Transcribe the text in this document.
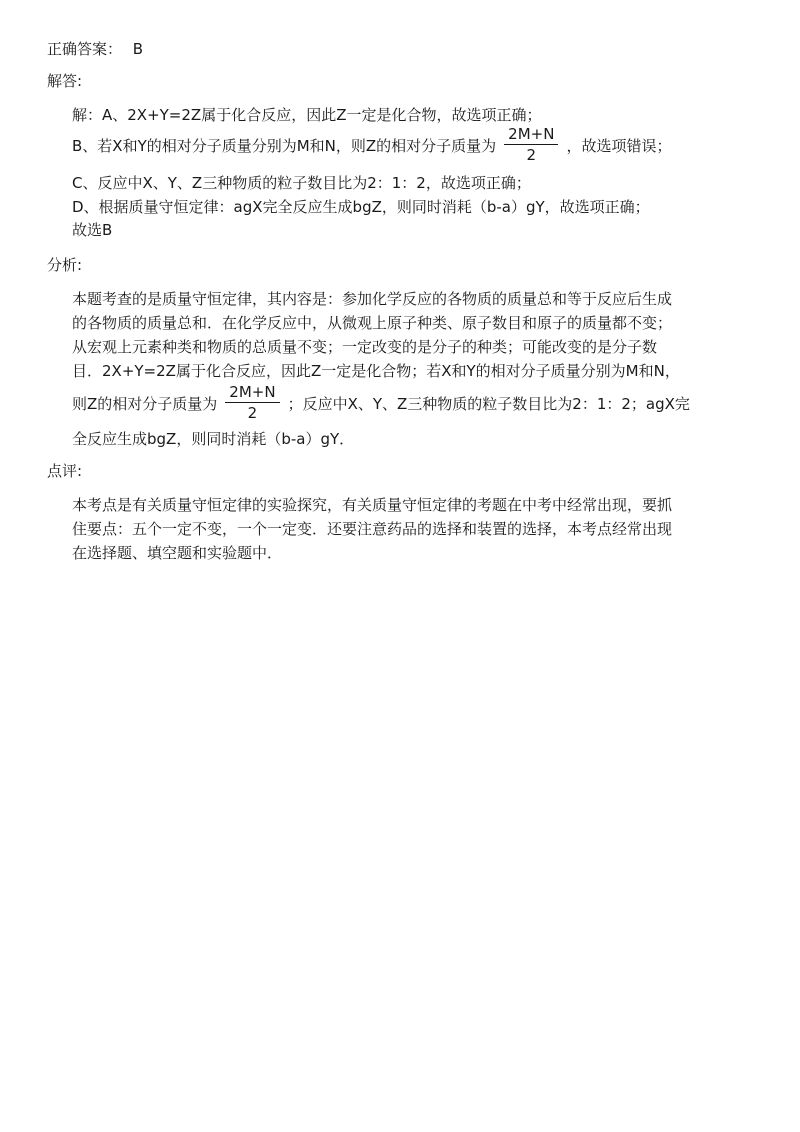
正确答案： B
解答:
解：A、2X+Y=2Z属于化合反应，因此Z一定是化合物，故选项正确；
B、若X和Y的相对分子质量分别为M和N，则Z的相对分子质量为 $\frac{2M+N}{2}$ ，故选项错误；
C、反应中X、Y、Z三种物质的粒子数目比为2：1：2，故选项正确；
D、根据质量守恒定律：agX完全反应生成bgZ，则同时消耗（b-a）gY，故选项正确；
故选B
分析:
本题考查的是质量守恒定律，其内容是：参加化学反应的各物质的质量总和等于反应后生成
的各物质的质量总和．在化学反应中，从微观上原子种类、原子数目和原子的质量都不变；
从宏观上元素种类和物质的总质量不变；一定改变的是分子的种类；可能改变的是分子数
目．2X+Y=2Z属于化合反应，因此Z一定是化合物；若X和Y的相对分子质量分别为M和N，
则Z的相对分子质量为 $\frac{2M+N}{2}$ ；反应中X、Y、Z三种物质的粒子数目比为2：1：2；agX完
全反应生成bgZ，则同时消耗（b-a）gY．
点评:
本考点是有关质量守恒定律的实验探究，有关质量守恒定律的考题在中考中经常出现，要抓
住要点：五个一定不变，一个一定变．还要注意药品的选择和装置的选择，本考点经常出现
在选择题、填空题和实验题中．
